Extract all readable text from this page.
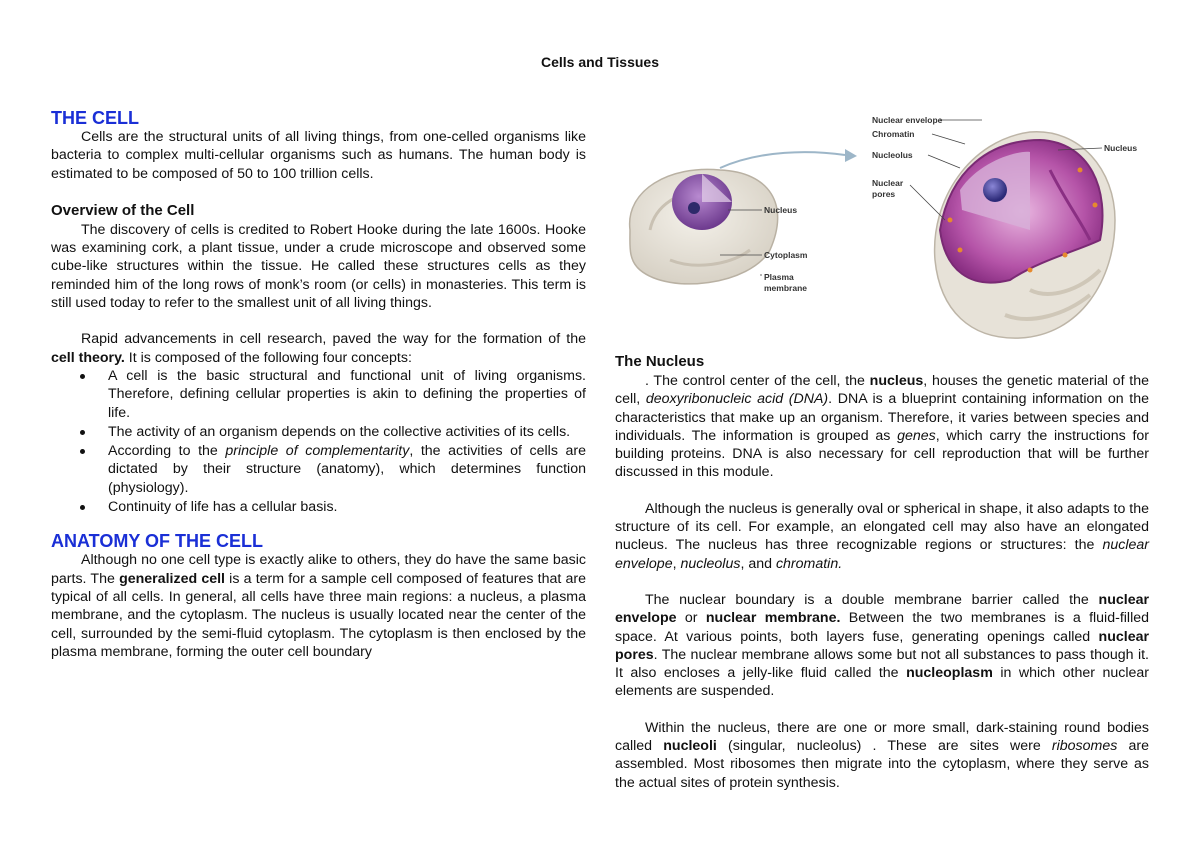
Cells and Tissues
THE CELL

Cells are the structural units of all living things, from one-celled organisms like bacteria to complex multi-cellular organisms such as humans. The human body is estimated to be composed of 50 to 100 trillion cells.

Overview of the Cell

The discovery of cells is credited to Robert Hooke during the late 1600s. Hooke was examining cork, a plant tissue, under a crude microscope and observed some cube-like structures within the tissue. He called these structures cells as they reminded him of the long rows of monk’s room (or cells) in monasteries. This term is still used today to refer to the smallest unit of all living things.

Rapid advancements in cell research, paved the way for the formation of the cell theory. It is composed of the following four concepts:

A cell is the basic structural and functional unit of living organisms. Therefore, defining cellular properties is akin to defining the properties of life.
The activity of an organism depends on the collective activities of its cells.
According to the principle of complementarity, the activities of cells are dictated by their structure (anatomy), which determines function (physiology).
Continuity of life has a cellular basis.
ANATOMY OF THE CELL

Although no one cell type is exactly alike to others, they do have the same basic parts. The generalized cell is a term for a sample cell composed of features that are typical of all cells. In general, all cells have three main regions: a nucleus, a plasma membrane, and the cytoplasm. The nucleus is usually located near the center of the cell, surrounded by the semi-fluid cytoplasm. The cytoplasm is then enclosed by the plasma membrane, forming the outer cell boundary

Nucleus
Cytoplasm
Plasma
membrane
Nuclear envelope
Chromatin
Nucleolus
Nuclear
pores
Nucleus
The Nucleus

. The control center of the cell, the nucleus, houses the genetic material of the cell, deoxyribonucleic acid (DNA). DNA is a blueprint containing information on the characteristics that make up an organism. Therefore, it varies between species and individuals. The information is grouped as genes, which carry the instructions for building proteins. DNA is also necessary for cell reproduction that will be further discussed in this module.

Although the nucleus is generally oval or spherical in shape, it also adapts to the structure of its cell. For example, an elongated cell may also have an elongated nucleus. The nucleus has three recognizable regions or structures: the nuclear envelope, nucleolus, and chromatin.

The nuclear boundary is a double membrane barrier called the nuclear envelope or nuclear membrane. Between the two membranes is a fluid-filled space. At various points, both layers fuse, generating openings called nuclear pores. The nuclear membrane allows some but not all substances to pass though it. It also encloses a jelly-like fluid called the nucleoplasm in which other nuclear elements are suspended.

Within the nucleus, there are one or more small, dark-staining round bodies called nucleoli (singular, nucleolus) . These are sites were ribosomes are assembled. Most ribosomes then migrate into the cytoplasm, where they serve as the actual sites of protein synthesis.
